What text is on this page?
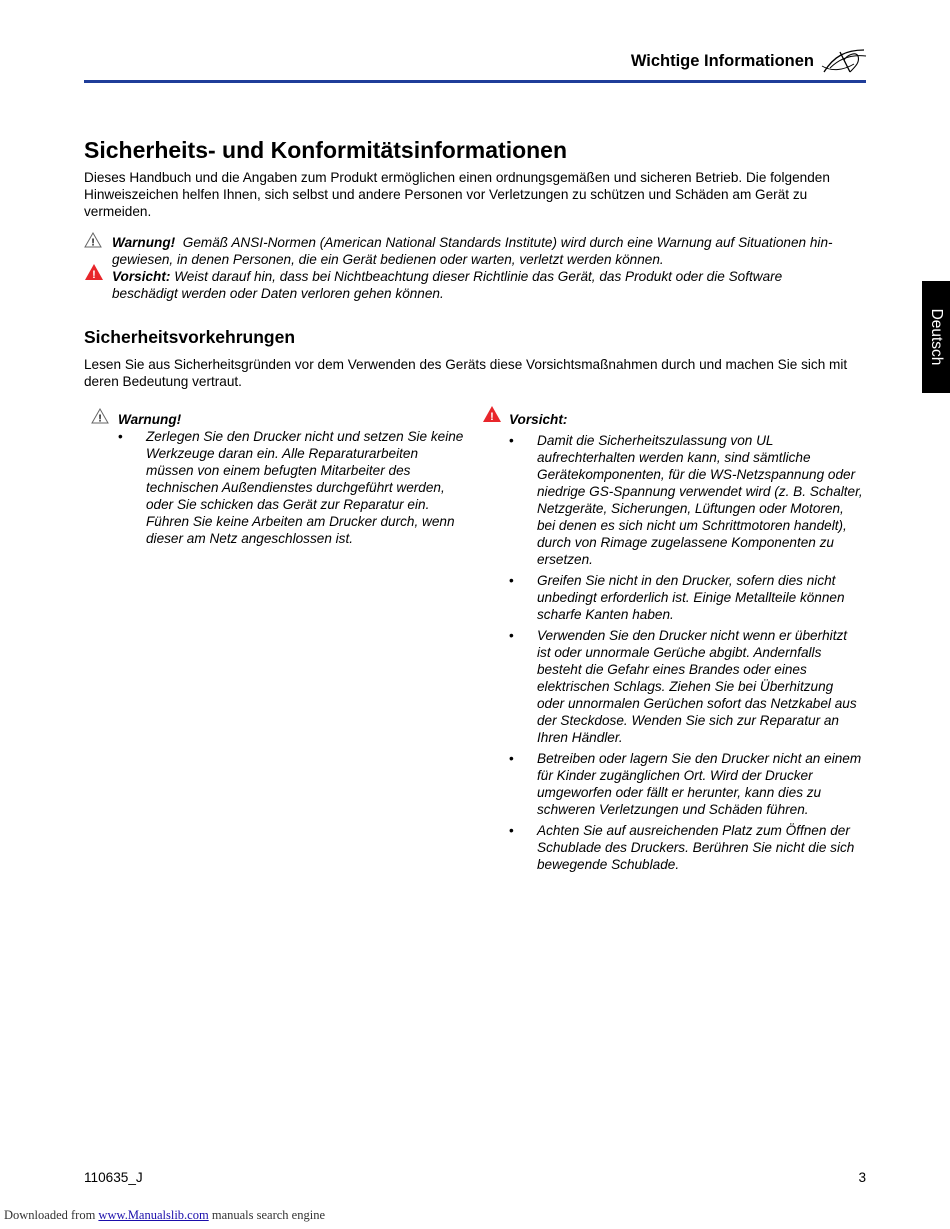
Wichtige Informationen
Deutsch
Sicherheits- und Konformitätsinformationen

Dieses Handbuch und die Angaben zum Produkt ermöglichen einen ordnungsgemäßen und sicheren Betrieb. Die folgenden Hinweiszeichen helfen Ihnen, sich selbst und andere Personen vor Verletzungen zu schützen und Schäden am Gerät zu vermeiden.

!	Warnung! Gemäß ANSI-Normen (American National Standards Institute) wird durch eine Warnung auf Situationen hin-
gewiesen, in denen Personen, die ein Gerät bedienen oder warten, verletzt werden können.
!	Vorsicht: Weist darauf hin, dass bei Nichtbeachtung dieser Richtlinie das Gerät, das Produkt oder die Software
beschädigt werden oder Daten verloren gehen können.
Sicherheitsvorkehrungen

Lesen Sie aus Sicherheitsgründen vor dem Verwenden des Geräts diese Vorsichtsmaßnahmen durch und machen Sie sich mit deren Bedeutung vertraut.

! Warnung!
• Zerlegen Sie den Drucker nicht und setzen Sie keine Werkzeuge daran ein. Alle Reparaturarbeiten müssen von einem befugten Mitarbeiter des technischen Außendienstes durchgeführt werden, oder Sie schicken das Gerät zur Reparatur ein. Führen Sie keine Arbeiten am Drucker durch, wenn dieser am Netz angeschlossen ist.
! Vorsicht:
• Damit die Sicherheitszulassung von UL aufrechterhalten werden kann, sind sämtliche Gerätekomponenten, für die WS-Netzspannung oder niedrige GS-Spannung verwendet wird (z. B. Schalter, Netzgeräte, Sicherungen, Lüftungen oder Motoren, bei denen es sich nicht um Schrittmotoren handelt), durch von Rimage zugelassene Komponenten zu ersetzen.
• Greifen Sie nicht in den Drucker, sofern dies nicht unbedingt erforderlich ist. Einige Metallteile können scharfe Kanten haben.
• Verwenden Sie den Drucker nicht wenn er überhitzt ist oder unnormale Gerüche abgibt. Andernfalls besteht die Gefahr eines Brandes oder eines elektrischen Schlags. Ziehen Sie bei Überhitzung oder unnormalen Gerüchen sofort das Netzkabel aus der Steckdose. Wenden Sie sich zur Reparatur an Ihren Händler.
• Betreiben oder lagern Sie den Drucker nicht an einem für Kinder zugänglichen Ort. Wird der Drucker umgeworfen oder fällt er herunter, kann dies zu schweren Verletzungen und Schäden führen.
• Achten Sie auf ausreichenden Platz zum Öffnen der Schublade des Druckers. Berühren Sie nicht die sich bewegende Schublade.
110635_J	3
Downloaded from www.Manualslib.com manuals search engine
